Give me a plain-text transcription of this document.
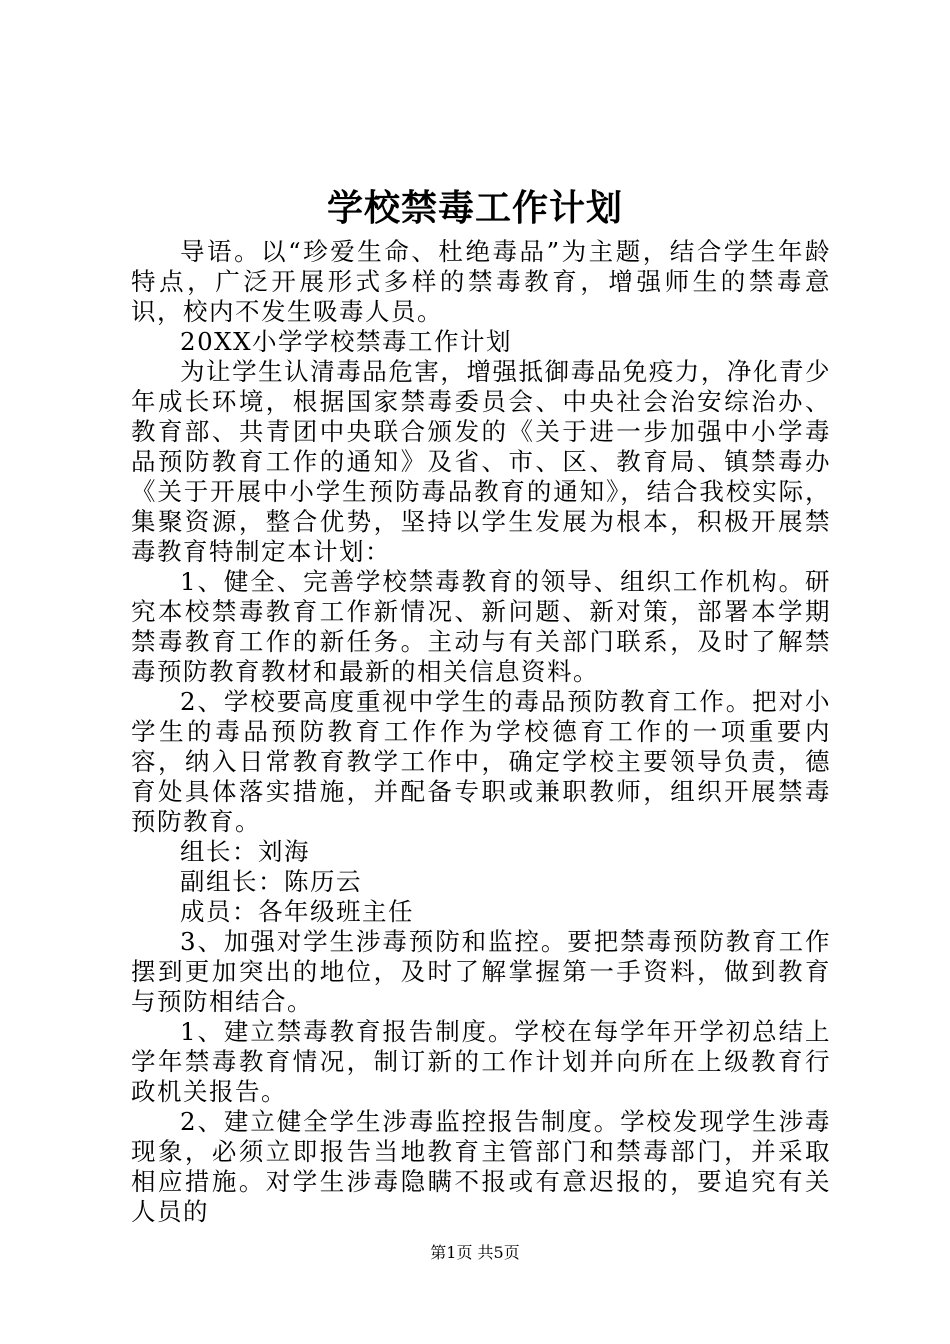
学校禁毒工作计划

导语。以“珍爱生命、杜绝毒品”为主题，结合学生年龄特点，广泛开展形式多样的禁毒教育，增强师生的禁毒意识，校内不发生吸毒人员。

20XX小学学校禁毒工作计划

为让学生认清毒品危害，增强抵御毒品免疫力，净化青少年成长环境，根据国家禁毒委员会、中央社会治安综治办、教育部、共青团中央联合颁发的《关于进一步加强中小学毒品预防教育工作的通知》及省、市、区、教育局、镇禁毒办《关于开展中小学生预防毒品教育的通知》，结合我校实际，集聚资源，整合优势，坚持以学生发展为根本，积极开展禁毒教育特制定本计划：

1、健全、完善学校禁毒教育的领导、组织工作机构。研究本校禁毒教育工作新情况、新问题、新对策，部署本学期禁毒教育工作的新任务。主动与有关部门联系，及时了解禁毒预防教育教材和最新的相关信息资料。

2、学校要高度重视中学生的毒品预防教育工作。把对小学生的毒品预防教育工作作为学校德育工作的一项重要内容，纳入日常教育教学工作中，确定学校主要领导负责，德育处具体落实措施，并配备专职或兼职教师，组织开展禁毒预防教育。

组长：刘海

副组长：陈历云

成员：各年级班主任

3、加强对学生涉毒预防和监控。要把禁毒预防教育工作摆到更加突出的地位，及时了解掌握第一手资料，做到教育与预防相结合。

1、建立禁毒教育报告制度。学校在每学年开学初总结上学年禁毒教育情况，制订新的工作计划并向所在上级教育行政机关报告。

2、建立健全学生涉毒监控报告制度。学校发现学生涉毒现象，必须立即报告当地教育主管部门和禁毒部门，并采取相应措施。对学生涉毒隐瞒不报或有意迟报的，要追究有关人员的

第1页 共5页
